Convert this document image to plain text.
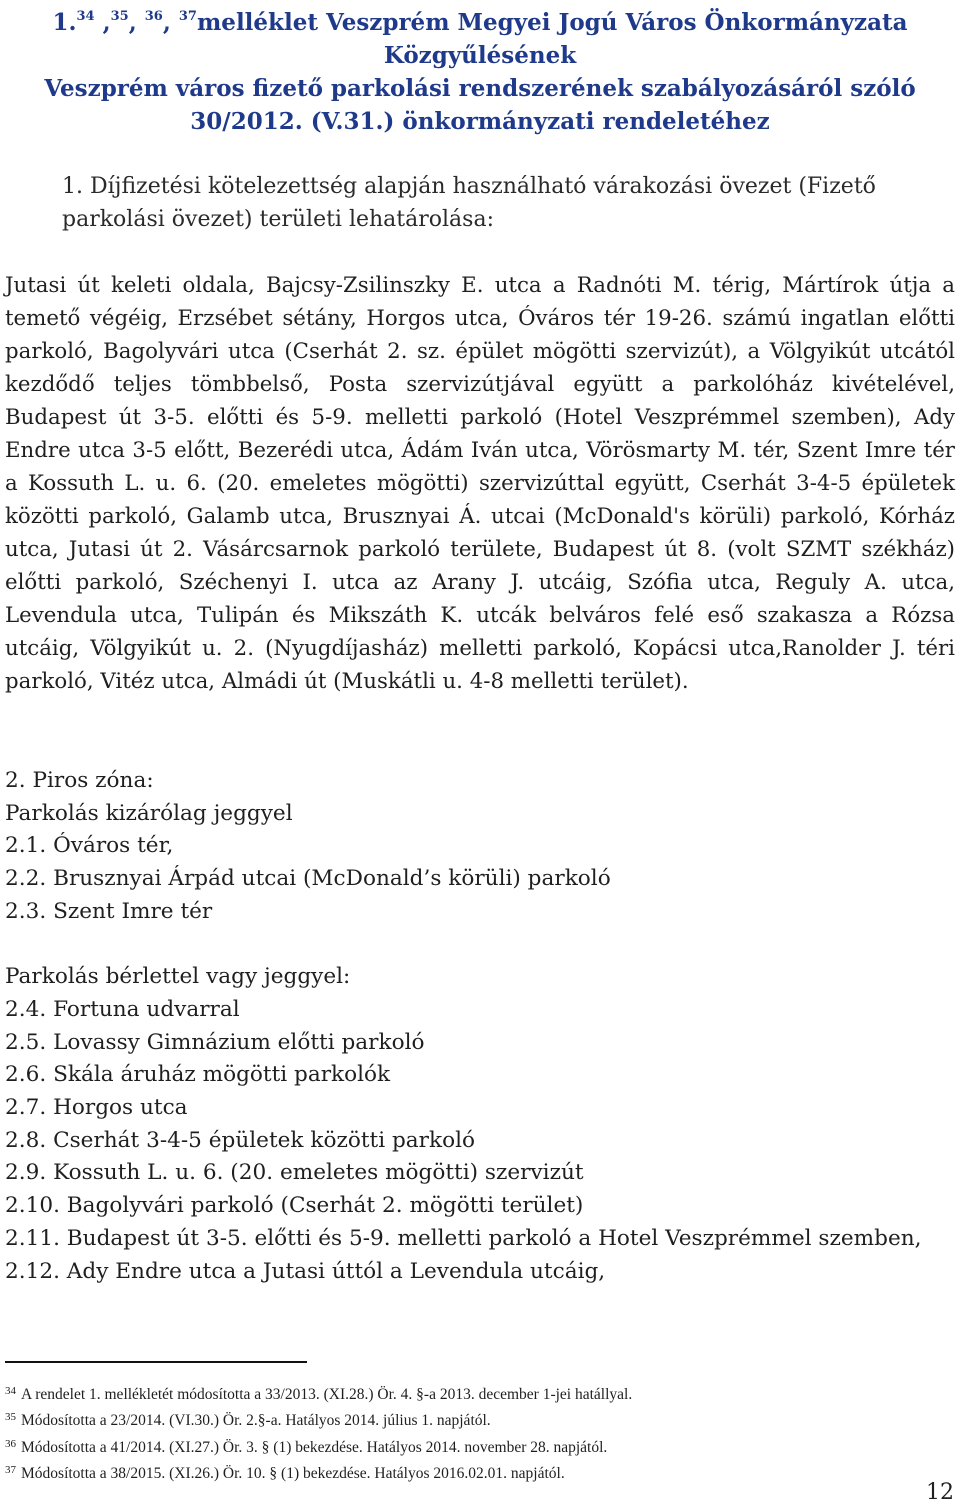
1.34 ,$^{35}$, $^{36}$, $^{37}$melléklet Veszprém Megyei Jogú Város Önkormányzata
Közgyűlésének
Veszprém város fizető parkolási rendszerének szabályozásáról szóló
30/2012. (V.31.) önkormányzati rendeletéhez
1. Díjfizetési kötelezettség alapján használható várakozási övezet (Fizető parkolási övezet) területi lehatárolása:
Jutasi út keleti oldala, Bajcsy-Zsilinszky E. utca a Radnóti M. térig, Mártírok útja a temető végéig, Erzsébet sétány, Horgos utca, Óváros tér 19-26. számú ingatlan előtti parkoló, Bagolyvári utca (Cserhát 2. sz. épület mögötti szervizút), a Völgyikút utcától kezdődő teljes tömbbelső, Posta szervizútjával együtt a parkolóház kivételével, Budapest út 3-5. előtti és 5-9. melletti parkoló (Hotel Veszprémmel szemben), Ady Endre utca 3-5 előtt, Bezerédi utca, Ádám Iván utca, Vörösmarty M. tér, Szent Imre tér a Kossuth L. u. 6. (20. emeletes mögötti) szervizúttal együtt, Cserhát 3-4-5 épületek közötti parkoló, Galamb utca, Brusznyai Á. utcai (McDonald's körüli) parkoló, Kórház utca, Jutasi út 2. Vásárcsarnok parkoló területe, Budapest út 8. (volt SZMT székház) előtti parkoló, Széchenyi I. utca az Arany J. utcáig, Szófia utca, Reguly A. utca, Levendula utca, Tulipán és Mikszáth K. utcák belváros felé eső szakasza a Rózsa utcáig, Völgyikút u. 2. (Nyugdíjasház) melletti parkoló, Kopácsi utca,Ranolder J. téri parkoló, Vitéz utca, Almádi út (Muskátli u. 4-8 melletti terület).
2. Piros zóna:
Parkolás kizárólag jeggyel
2.1. Óváros tér,
2.2. Brusznyai Árpád utcai (McDonald’s körüli) parkoló
2.3. Szent Imre tér
Parkolás bérlettel vagy jeggyel:
2.4. Fortuna udvarral
2.5. Lovassy Gimnázium előtti parkoló
2.6. Skála áruház mögötti parkolók
2.7. Horgos utca
2.8. Cserhát 3-4-5 épületek közötti parkoló
2.9. Kossuth L. u. 6. (20. emeletes mögötti) szervizút
2.10. Bagolyvári parkoló (Cserhát 2. mögötti terület)
2.11. Budapest út 3-5. előtti és 5-9. melletti parkoló a Hotel Veszprémmel szemben,
2.12. Ady Endre utca a Jutasi úttól a Levendula utcáig,
$^{34}$ A rendelet 1. mellékletét módosította a 33/2013. (XI.28.) Ör. 4. §-a 2013. december 1-jei hatállyal.
$^{35}$ Módosította a 23/2014. (VI.30.) Ör. 2.§-a. Hatályos 2014. július 1. napjától.
$^{36}$ Módosította a 41/2014. (XI.27.) Ör. 3. § (1) bekezdése. Hatályos 2014. november 28. napjától.
$^{37}$ Módosította a 38/2015. (XI.26.) Ör. 10. § (1) bekezdése. Hatályos 2016.02.01. napjától.
12
